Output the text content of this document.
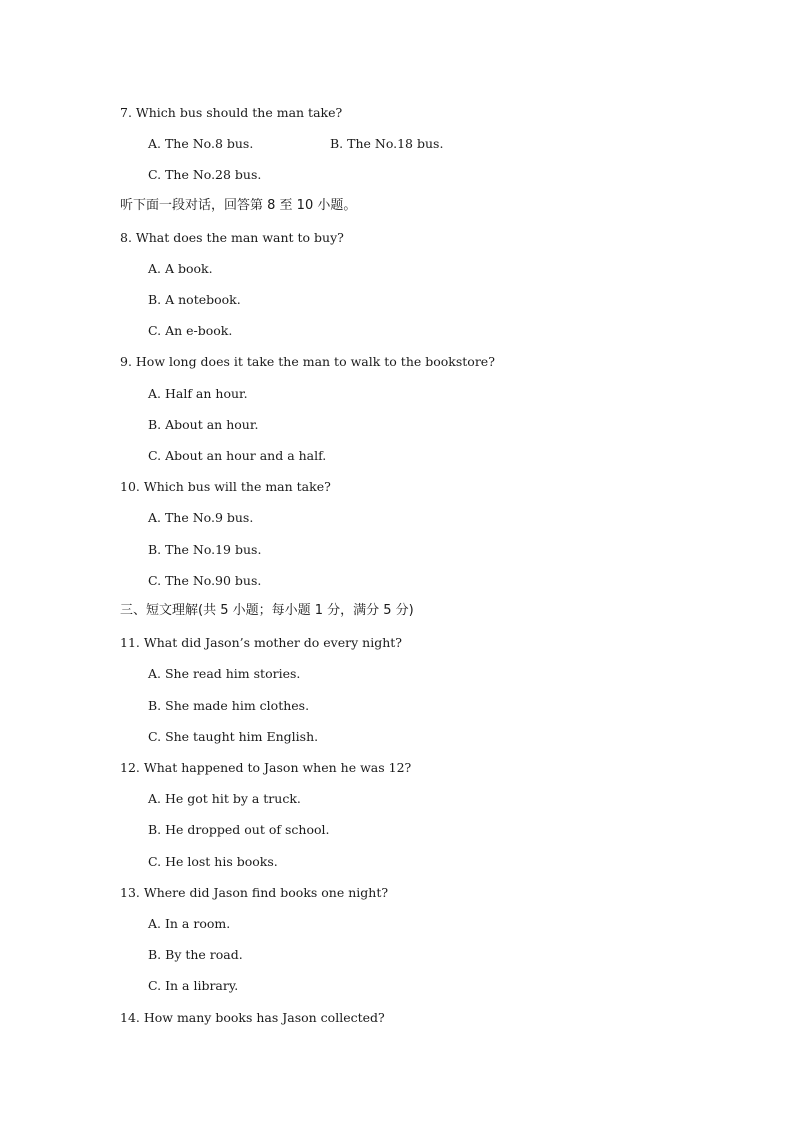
7. Which bus should the man take?
A. The No.8 bus.	B. The No.18 bus.
C. The No.28 bus.
听下面一段对话，回答第 8 至 10 小题。
8. What does the man want to buy?
A. A book.
B. A notebook.
C. An e-book.
9. How long does it take the man to walk to the bookstore?
A. Half an hour.
B. About an hour.
C. About an hour and a half.
10. Which bus will the man take?
A. The No.9 bus.
B. The No.19 bus.
C. The No.90 bus.
三、短文理解(共 5 小题；每小题 1 分，满分 5 分)
11. What did Jason’s mother do every night?
A. She read him stories.
B. She made him clothes.
C. She taught him English.
12. What happened to Jason when he was 12?
A. He got hit by a truck.
B. He dropped out of school.
C. He lost his books.
13. Where did Jason find books one night?
A. In a room.
B. By the road.
C. In a library.
14. How many books has Jason collected?
